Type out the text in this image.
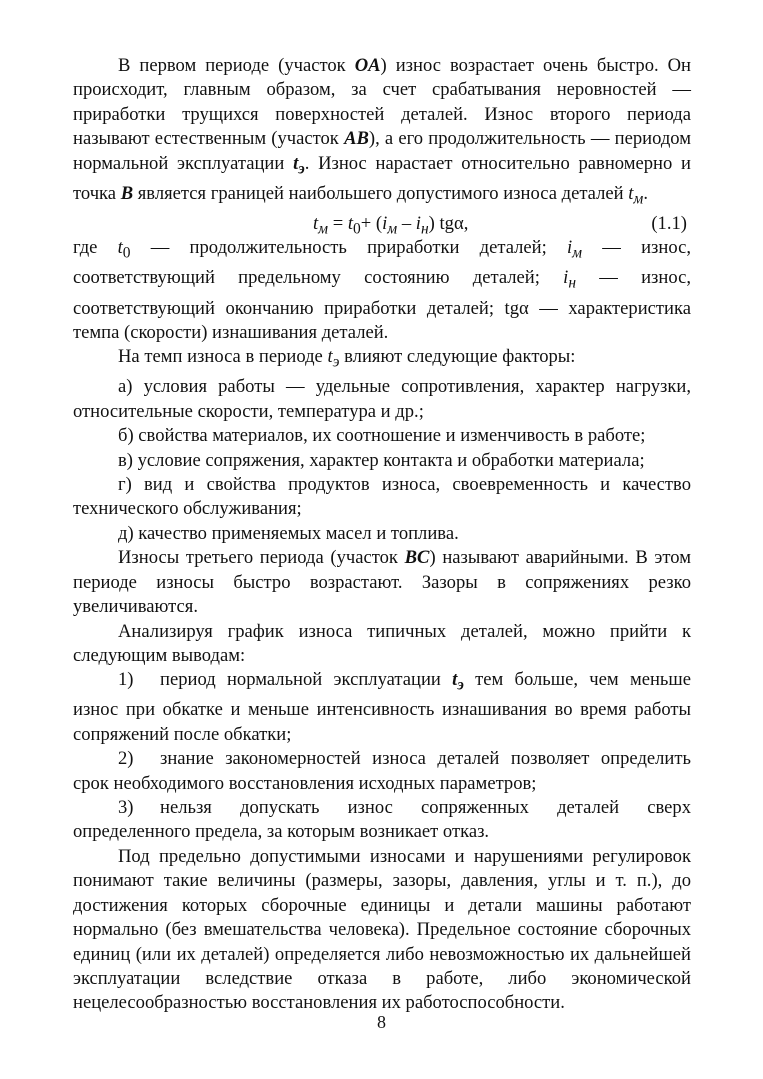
В первом периоде (участок OA) износ возрастает очень быстро. Он происходит, главным образом, за счет срабатывания неровностей — приработки трущихся поверхностей деталей. Износ второго периода называют естественным (участок AB), а его продолжительность — периодом нормальной эксплуатации $t_э$. Износ нарастает относительно равномерно и точка B является границей наибольшего допустимого износа деталей $t_м$.

$t_м = t_0+ (i_м - i_н)$ tgα,	(1.1)

где $t_0$ — продолжительность приработки деталей; $i_м$ — износ, соответствующий предельному состоянию деталей; $i_н$ — износ, соответствующий окончанию приработки деталей; tgα — характеристика темпа (скорости) изнашивания деталей.

На темп износа в периоде $t_э$ влияют следующие факторы:

а) условия работы — удельные сопротивления, характер нагрузки, относительные скорости, температура и др.;

б) свойства материалов, их соотношение и изменчивость в работе;

в) условие сопряжения, характер контакта и обработки материала;

г) вид и свойства продуктов износа, своевременность и качество технического обслуживания;

д) качество применяемых масел и топлива.

Износы третьего периода (участок BC) называют аварийными. В этом периоде износы быстро возрастают. Зазоры в сопряжениях резко увеличиваются.

Анализируя график износа типичных деталей, можно прийти к следующим выводам:

1) период нормальной эксплуатации $t_э$ тем больше, чем меньше износ при обкатке и меньше интенсивность изнашивания во время работы сопряжений после обкатки;

2) знание закономерностей износа деталей позволяет определить срок необходимого восстановления исходных параметров;

3) нельзя допускать износ сопряженных деталей сверх определенного предела, за которым возникает отказ.

Под предельно допустимыми износами и нарушениями регулировок понимают такие величины (размеры, зазоры, давления, углы и т. п.), до достижения которых сборочные единицы и детали машины работают нормально (без вмешательства человека). Предельное состояние сборочных единиц (или их деталей) определяется либо невозможностью их дальнейшей эксплуатации вследствие отказа в работе, либо экономической нецелесообразностью восстановления их работоспособности.

8
